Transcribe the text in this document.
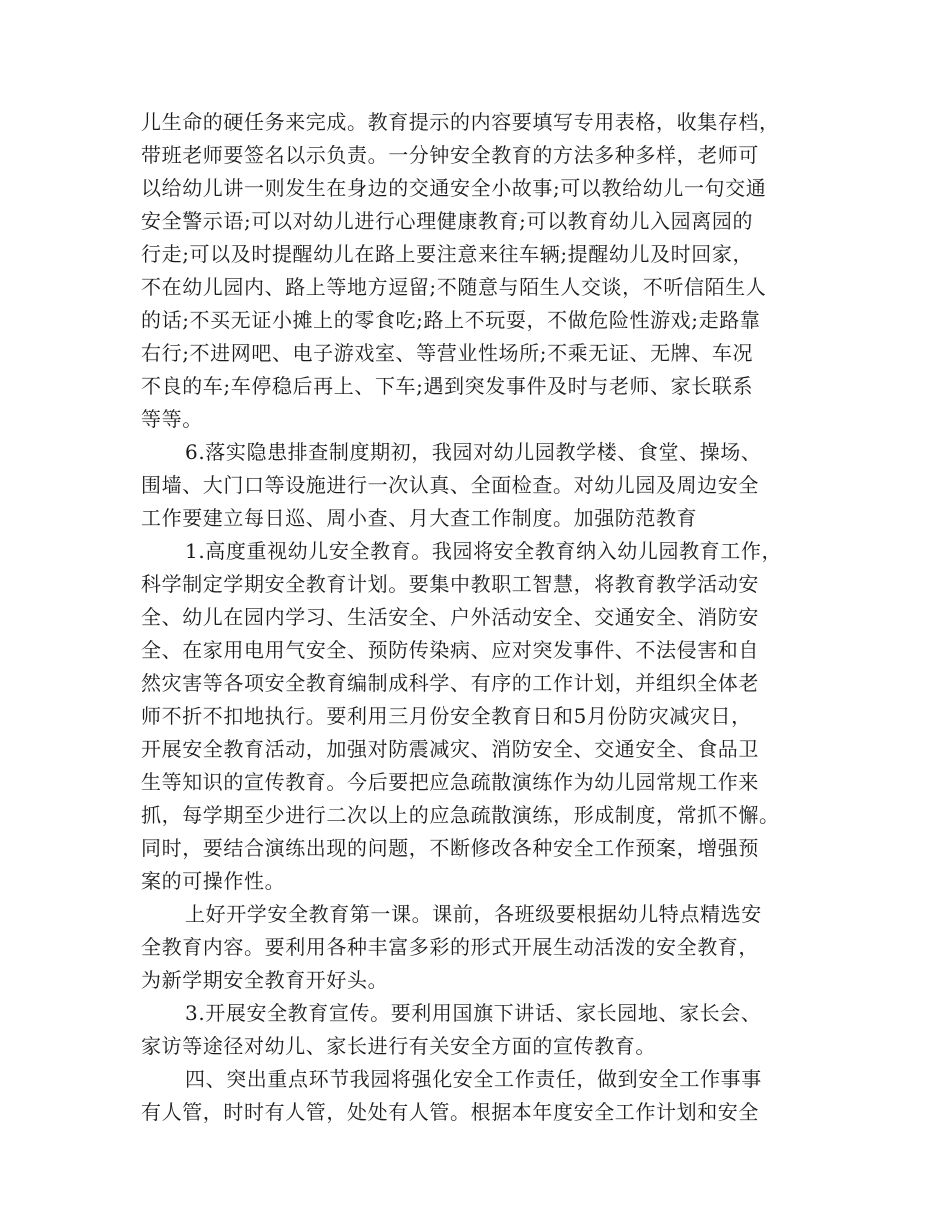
儿生命的硬任务来完成。教育提示的内容要填写专用表格，收集存档，
带班老师要签名以示负责。一分钟安全教育的方法多种多样，老师可
以给幼儿讲一则发生在身边的交通安全小故事;可以教给幼儿一句交通
安全警示语;可以对幼儿进行心理健康教育;可以教育幼儿入园离园的
行走;可以及时提醒幼儿在路上要注意来往车辆;提醒幼儿及时回家，
不在幼儿园内、路上等地方逗留;不随意与陌生人交谈，不听信陌生人
的话;不买无证小摊上的零食吃;路上不玩耍，不做危险性游戏;走路靠
右行;不进网吧、电子游戏室、等营业性场所;不乘无证、无牌、车况
不良的车;车停稳后再上、下车;遇到突发事件及时与老师、家长联系
等等。
6.落实隐患排查制度期初，我园对幼儿园教学楼、食堂、操场、
围墙、大门口等设施进行一次认真、全面检查。对幼儿园及周边安全
工作要建立每日巡、周小查、月大查工作制度。加强防范教育
1.高度重视幼儿安全教育。我园将安全教育纳入幼儿园教育工作，
科学制定学期安全教育计划。要集中教职工智慧，将教育教学活动安
全、幼儿在园内学习、生活安全、户外活动安全、交通安全、消防安
全、在家用电用气安全、预防传染病、应对突发事件、不法侵害和自
然灾害等各项安全教育编制成科学、有序的工作计划，并组织全体老
师不折不扣地执行。要利用三月份安全教育日和5月份防灾减灾日，
开展安全教育活动，加强对防震减灾、消防安全、交通安全、食品卫
生等知识的宣传教育。今后要把应急疏散演练作为幼儿园常规工作来
抓，每学期至少进行二次以上的应急疏散演练，形成制度，常抓不懈。
同时，要结合演练出现的问题，不断修改各种安全工作预案，增强预
案的可操作性。
上好开学安全教育第一课。课前，各班级要根据幼儿特点精选安
全教育内容。要利用各种丰富多彩的形式开展生动活泼的安全教育，
为新学期安全教育开好头。
3.开展安全教育宣传。要利用国旗下讲话、家长园地、家长会、
家访等途径对幼儿、家长进行有关安全方面的宣传教育。
四、突出重点环节我园将强化安全工作责任，做到安全工作事事
有人管，时时有人管，处处有人管。根据本年度安全工作计划和安全
